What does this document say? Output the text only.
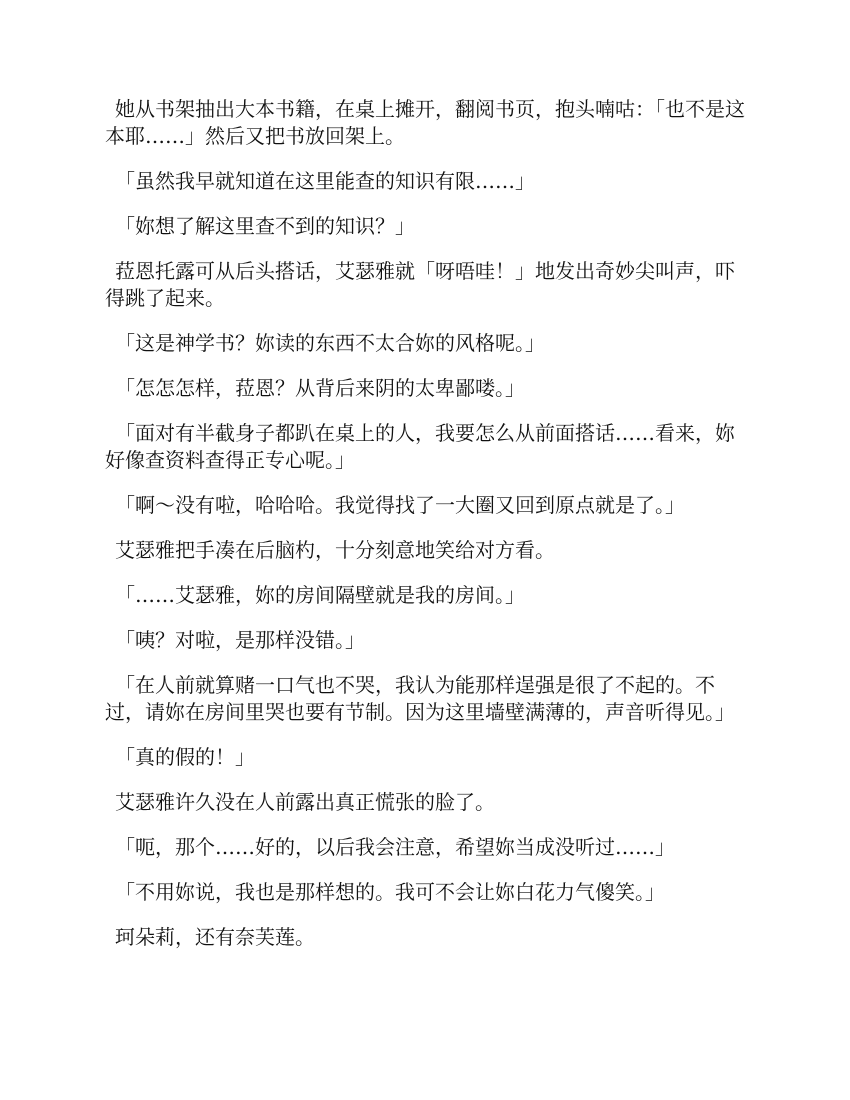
她从书架抽出大本书籍，在桌上摊开，翻阅书页，抱头喃咕：「也不是这本耶……」然后又把书放回架上。

「虽然我早就知道在这里能查的知识有限……」

「妳想了解这里查不到的知识？」

菈恩托露可从后头搭话，艾瑟雅就「呀唔哇！」地发出奇妙尖叫声，吓得跳了起来。

「这是神学书？妳读的东西不太合妳的风格呢。」

「怎怎怎样，菈恩？从背后来阴的太卑鄙喽。」

「面对有半截身子都趴在桌上的人，我要怎么从前面搭话……看来，妳好像查资料查得正专心呢。」

「啊～没有啦，哈哈哈。我觉得找了一大圈又回到原点就是了。」

艾瑟雅把手凑在后脑杓，十分刻意地笑给对方看。

「……艾瑟雅，妳的房间隔壁就是我的房间。」

「咦？对啦，是那样没错。」

「在人前就算赌一口气也不哭，我认为能那样逞强是很了不起的。不过，请妳在房间里哭也要有节制。因为这里墙壁满薄的，声音听得见。」

「真的假的！」

艾瑟雅许久没在人前露出真正慌张的脸了。

「呃，那个……好的，以后我会注意，希望妳当成没听过……」

「不用妳说，我也是那样想的。我可不会让妳白花力气傻笑。」

珂朵莉，还有奈芙莲。
